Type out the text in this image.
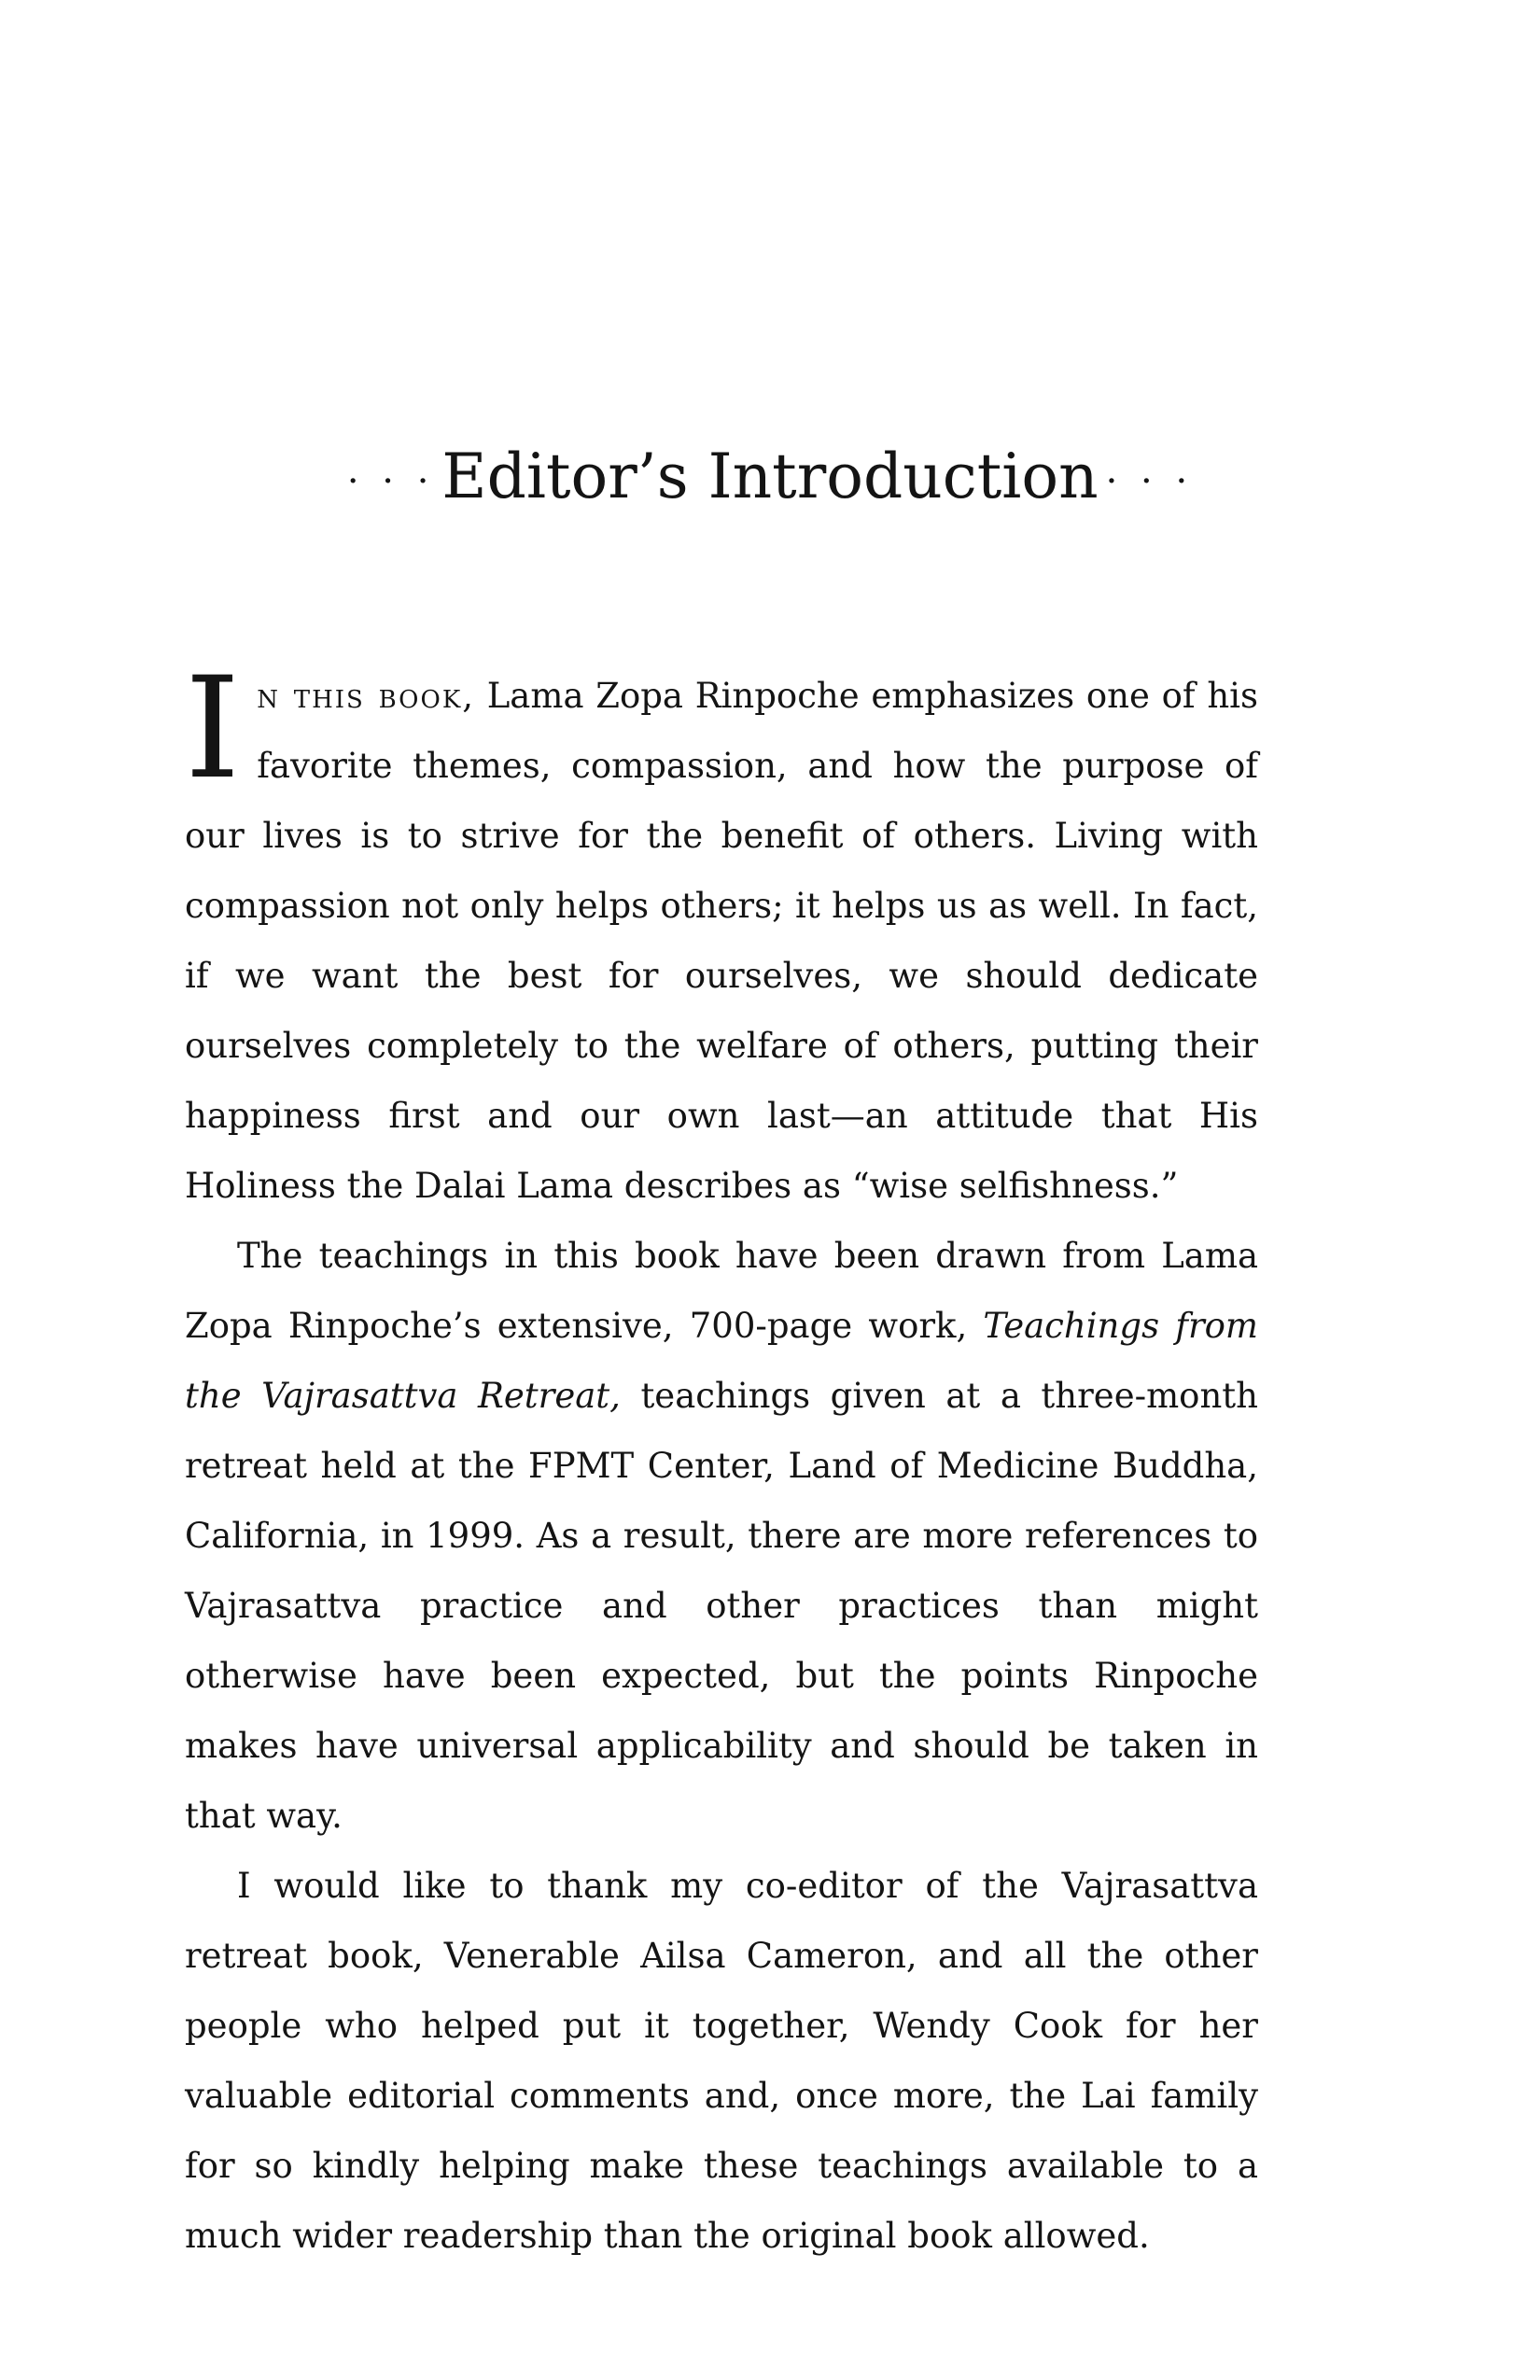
· · · Editor’s Introduction · · ·

In this book, Lama Zopa Rinpoche emphasizes one of his favorite themes, compassion, and how the purpose of our lives is to strive for the benefit of others. Living with compassion not only helps others; it helps us as well. In fact, if we want the best for ourselves, we should dedicate ourselves completely to the welfare of others, putting their happiness first and our own last—an attitude that His Holiness the Dalai Lama describes as “wise selfishness.”

The teachings in this book have been drawn from Lama Zopa Rinpoche’s extensive, 700-page work, Teachings from the Vajrasattva Retreat, teachings given at a three-month retreat held at the FPMT Center, Land of Medicine Buddha, California, in 1999. As a result, there are more references to Vajrasattva practice and other practices than might otherwise have been expected, but the points Rinpoche makes have universal applicability and should be taken in that way.

I would like to thank my co-editor of the Vajrasattva retreat book, Venerable Ailsa Cameron, and all the other people who helped put it together, Wendy Cook for her valuable editorial comments and, once more, the Lai family for so kindly helping make these teachings available to a much wider readership than the original book allowed.
